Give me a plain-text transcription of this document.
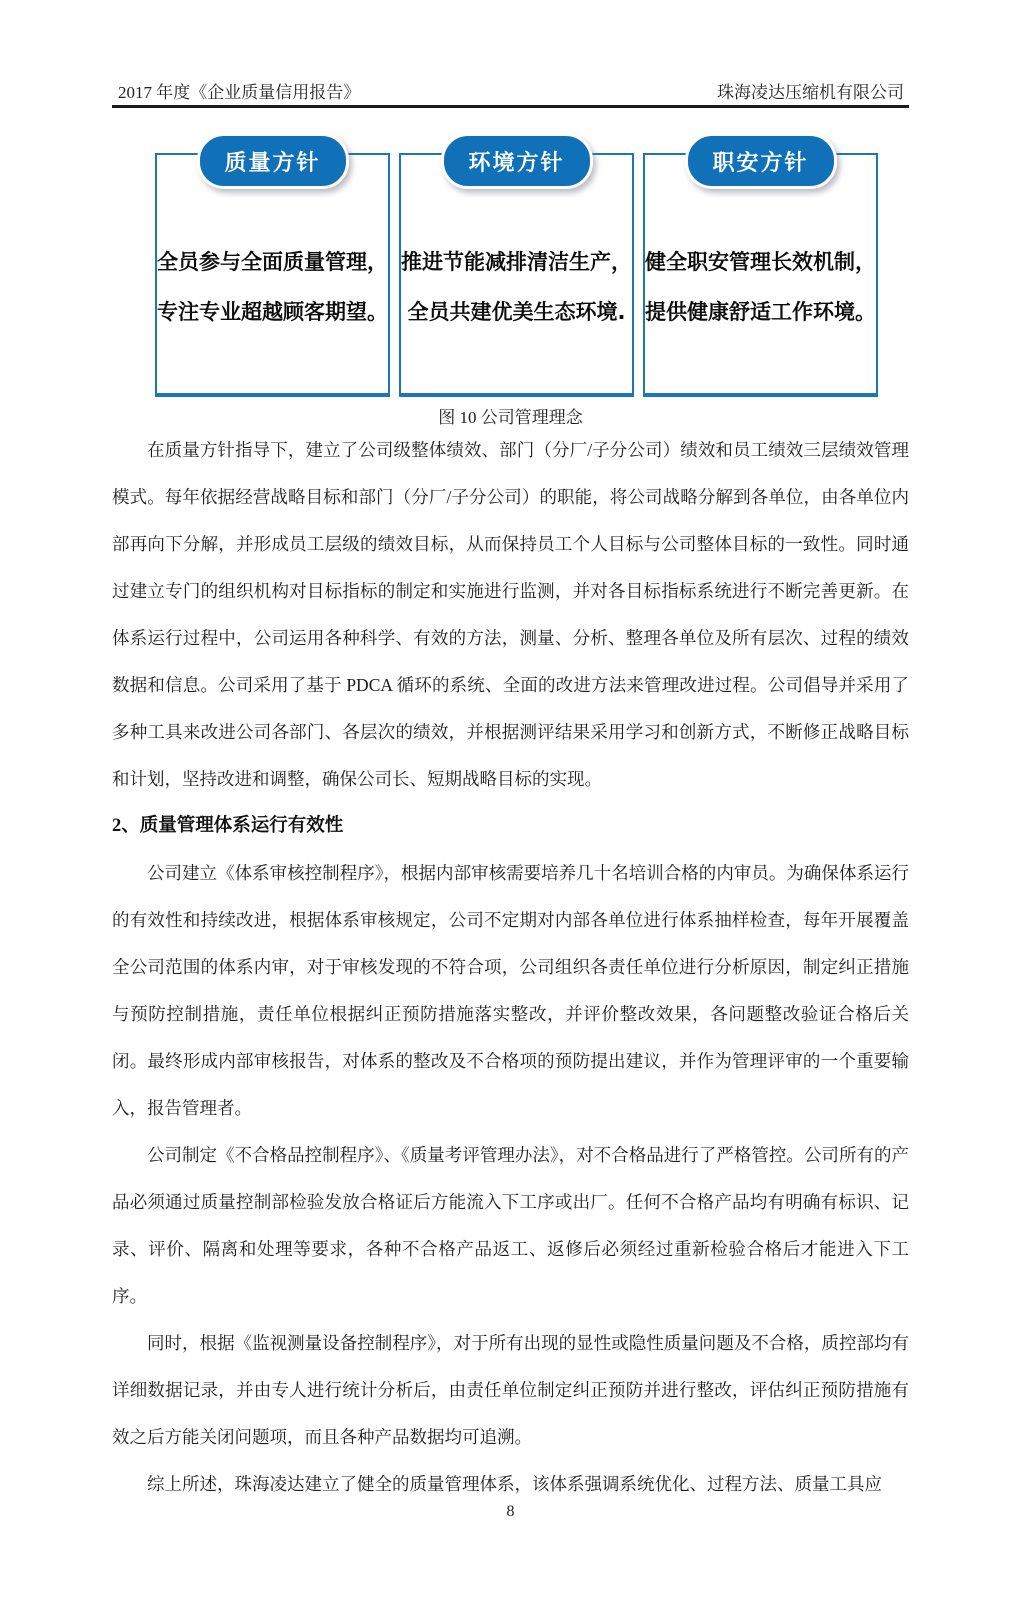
2017 年度《企业质量信用报告》	珠海凌达压缩机有限公司
质量方针
全员参与全面质量管理，
专注专业超越顾客期望。
环境方针
推进节能减排清洁生产，
全员共建优美生态环境.
职安方针
健全职安管理长效机制，
提供健康舒适工作环境。
图 10 公司管理理念

在质量方针指导下，建立了公司级整体绩效、部门（分厂/子分公司）绩效和员工绩效三层绩效管理模式。每年依据经营战略目标和部门（分厂/子分公司）的职能，将公司战略分解到各单位，由各单位内部再向下分解，并形成员工层级的绩效目标，从而保持员工个人目标与公司整体目标的一致性。同时通过建立专门的组织机构对目标指标的制定和实施进行监测，并对各目标指标系统进行不断完善更新。在体系运行过程中，公司运用各种科学、有效的方法，测量、分析、整理各单位及所有层次、过程的绩效数据和信息。公司采用了基于 PDCA 循环的系统、全面的改进方法来管理改进过程。公司倡导并采用了多种工具来改进公司各部门、各层次的绩效，并根据测评结果采用学习和创新方式，不断修正战略目标和计划，坚持改进和调整，确保公司长、短期战略目标的实现。

2、质量管理体系运行有效性

公司建立《体系审核控制程序》，根据内部审核需要培养几十名培训合格的内审员。为确保体系运行的有效性和持续改进，根据体系审核规定，公司不定期对内部各单位进行体系抽样检查，每年开展覆盖全公司范围的体系内审，对于审核发现的不符合项，公司组织各责任单位进行分析原因，制定纠正措施与预防控制措施，责任单位根据纠正预防措施落实整改，并评价整改效果，各问题整改验证合格后关闭。最终形成内部审核报告，对体系的整改及不合格项的预防提出建议，并作为管理评审的一个重要输入，报告管理者。

公司制定《不合格品控制程序》、《质量考评管理办法》，对不合格品进行了严格管控。公司所有的产品必须通过质量控制部检验发放合格证后方能流入下工序或出厂。任何不合格产品均有明确有标识、记录、评价、隔离和处理等要求，各种不合格产品返工、返修后必须经过重新检验合格后才能进入下工序。

同时，根据《监视测量设备控制程序》，对于所有出现的显性或隐性质量问题及不合格，质控部均有详细数据记录，并由专人进行统计分析后，由责任单位制定纠正预防并进行整改，评估纠正预防措施有效之后方能关闭问题项，而且各种产品数据均可追溯。

综上所述，珠海凌达建立了健全的质量管理体系，该体系强调系统优化、过程方法、质量工具应

8
